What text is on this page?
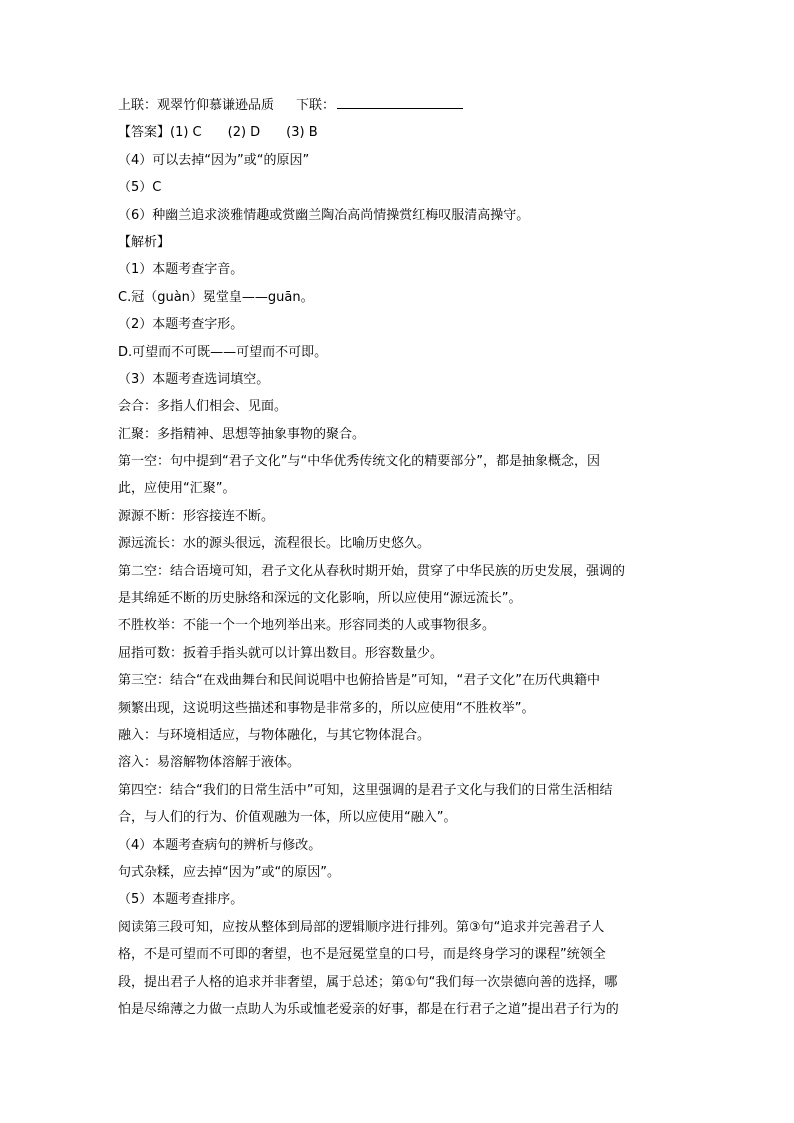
上联：观翠竹仰慕谦逊品质 下联：
【答案】(1) C　　(2) D　　(3) B
（4）可以去掉“因为”或“的原因”
（5）C
（6）种幽兰追求淡雅情趣或赏幽兰陶冶高尚情操赏红梅叹服清高操守。
【解析】
（1）本题考查字音。
C.冠（guàn）冕堂皇——guān。
（2）本题考查字形。
D.可望而不可既——可望而不可即。
（3）本题考查选词填空。
会合：多指人们相会、见面。
汇聚：多指精神、思想等抽象事物的聚合。
第一空：句中提到“君子文化”与“中华优秀传统文化的精要部分”，都是抽象概念，因
此，应使用“汇聚”。
源源不断：形容接连不断。
源远流长：水的源头很远，流程很长。比喻历史悠久。
第二空：结合语境可知，君子文化从春秋时期开始，贯穿了中华民族的历史发展，强调的
是其绵延不断的历史脉络和深远的文化影响，所以应使用“源远流长”。
不胜枚举：不能一个一个地列举出来。形容同类的人或事物很多。
屈指可数：扳着手指头就可以计算出数目。形容数量少。
第三空：结合“在戏曲舞台和民间说唱中也俯拾皆是”可知，“君子文化”在历代典籍中
频繁出现，这说明这些描述和事物是非常多的，所以应使用“不胜枚举”。
融入：与环境相适应，与物体融化，与其它物体混合。
溶入：易溶解物体溶解于液体。
第四空：结合“我们的日常生活中”可知，这里强调的是君子文化与我们的日常生活相结
合，与人们的行为、价值观融为一体，所以应使用“融入”。
（4）本题考查病句的辨析与修改。
句式杂糅，应去掉“因为”或“的原因”。
（5）本题考查排序。
阅读第三段可知，应按从整体到局部的逻辑顺序进行排列。第③句“追求并完善君子人
格，不是可望而不可即的奢望，也不是冠冕堂皇的口号，而是终身学习的课程”统领全
段，提出君子人格的追求并非奢望，属于总述；第①句“我们每一次崇德向善的选择，哪
怕是尽绵薄之力做一点助人为乐或恤老爱亲的好事，都是在行君子之道”提出君子行为的
